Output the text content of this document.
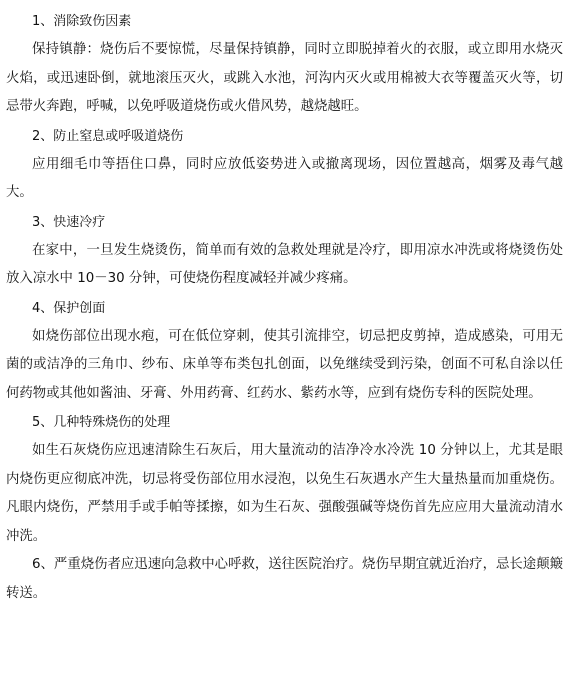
1、消除致伤因素

保持镇静：烧伤后不要惊慌，尽量保持镇静，同时立即脱掉着火的衣服，或立即用水烧灭火焰，或迅速卧倒，就地滚压灭火，或跳入水池，河沟内灭火或用棉被大衣等覆盖灭火等，切忌带火奔跑，呼喊，以免呼吸道烧伤或火借风势，越烧越旺。

2、防止窒息或呼吸道烧伤

应用细毛巾等捂住口鼻，同时应放低姿势进入或撤离现场，因位置越高，烟雾及毒气越大。

3、快速冷疗

在家中，一旦发生烧烫伤，简单而有效的急救处理就是冷疗，即用凉水冲洗或将烧烫伤处放入凉水中 10－30 分钟，可使烧伤程度减轻并减少疼痛。

4、保护创面

如烧伤部位出现水疱，可在低位穿刺，使其引流排空，切忌把皮剪掉，造成感染，可用无菌的或洁净的三角巾、纱布、床单等布类包扎创面，以免继续受到污染，创面不可私自涂以任何药物或其他如酱油、牙膏、外用药膏、红药水、紫药水等，应到有烧伤专科的医院处理。

5、几种特殊烧伤的处理

如生石灰烧伤应迅速清除生石灰后，用大量流动的洁净冷水冷洗 10 分钟以上，尤其是眼内烧伤更应彻底冲洗，切忌将受伤部位用水浸泡，以免生石灰遇水产生大量热量而加重烧伤。凡眼内烧伤，严禁用手或手帕等揉擦，如为生石灰、强酸强碱等烧伤首先应应用大量流动清水冲洗。

6、严重烧伤者应迅速向急救中心呼救，送往医院治疗。烧伤早期宜就近治疗，忌长途颠簸转送。
